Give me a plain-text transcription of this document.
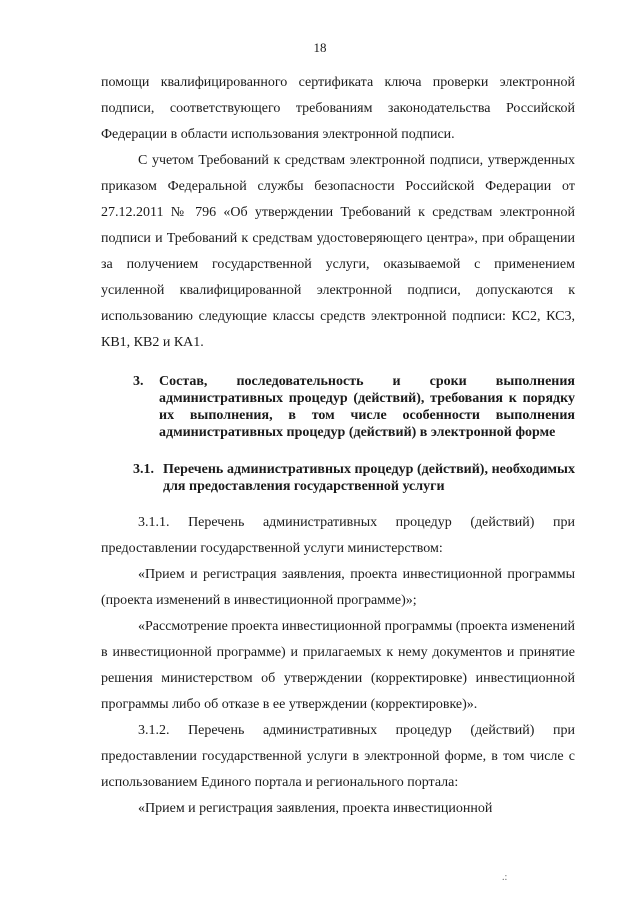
18

помощи квалифицированного сертификата ключа проверки электронной подписи, соответствующего требованиям законодательства Российской Федерации в области использования электронной подписи.

С учетом Требований к средствам электронной подписи, утвержденных приказом Федеральной службы безопасности Российской Федерации от 27.12.2011 № 796 «Об утверждении Требований к средствам электронной подписи и Требований к средствам удостоверяющего центра», при обращении за получением государственной услуги, оказываемой с применением усиленной квалифицированной электронной подписи, допускаются к использованию следующие классы средств электронной подписи: КС2, КС3, КВ1, КВ2 и КА1.

3.	Состав, последовательность и сроки выполнения административных процедур (действий), требования к порядку их выполнения, в том числе особенности выполнения административных процедур (действий) в электронной форме
3.1. Перечень административных процедур (действий), необходимых для предоставления государственной услуги

3.1.1. Перечень административных процедур (действий) при предоставлении государственной услуги министерством:

«Прием и регистрация заявления, проекта инвестиционной программы (проекта изменений в инвестиционной программе)»;

«Рассмотрение проекта инвестиционной программы (проекта изменений в инвестиционной программе) и прилагаемых к нему документов и принятие решения министерством об утверждении (корректировке) инвестиционной программы либо об отказе в ее утверждении (корректировке)».

3.1.2. Перечень административных процедур (действий) при предоставлении государственной услуги в электронной форме, в том числе с использованием Единого портала и регионального портала:

«Прием и регистрация заявления, проекта инвестиционной

.:
